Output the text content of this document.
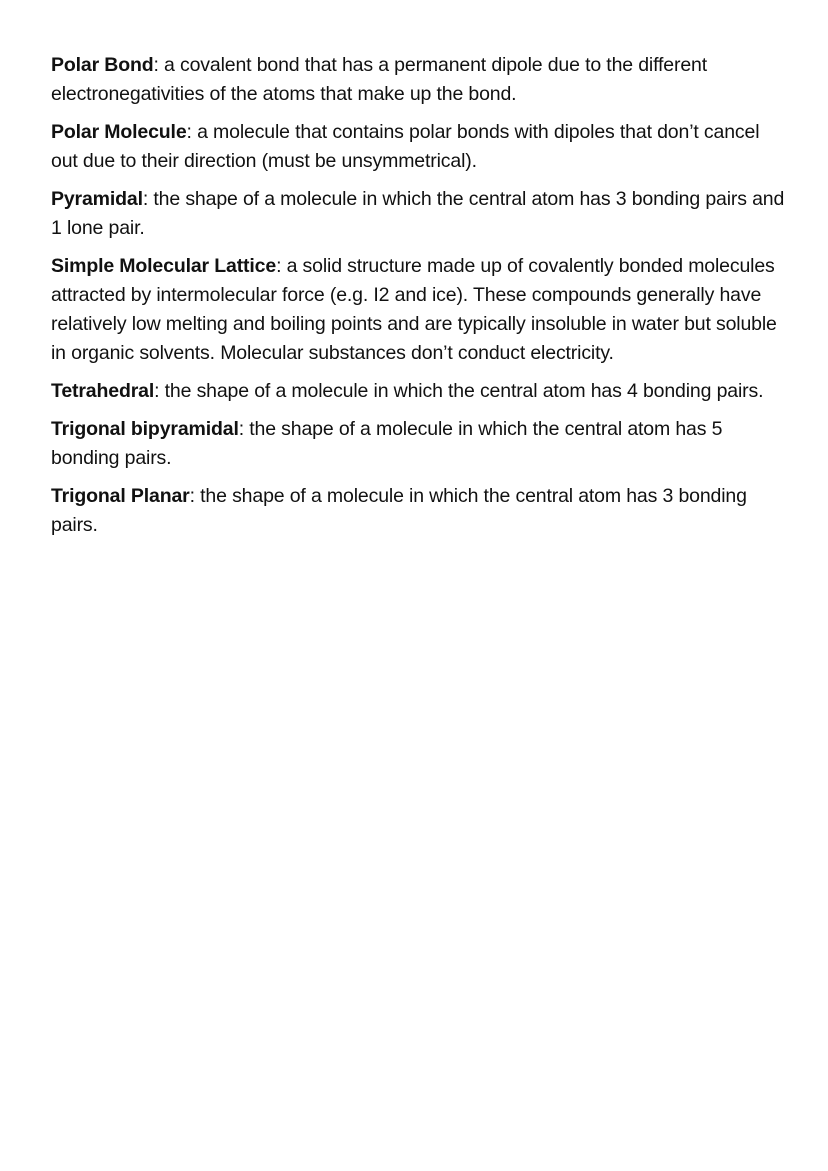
Polar Bond: a covalent bond that has a permanent dipole due to the different electronegativities of the atoms that make up the bond.

Polar Molecule: a molecule that contains polar bonds with dipoles that don’t cancel out due to their direction (must be unsymmetrical).

Pyramidal: the shape of a molecule in which the central atom has 3 bonding pairs and 1 lone pair.

Simple Molecular Lattice: a solid structure made up of covalently bonded molecules attracted by intermolecular force (e.g. I2 and ice). These compounds generally have relatively low melting and boiling points and are typically insoluble in water but soluble in organic solvents. Molecular substances don’t conduct electricity.

Tetrahedral: the shape of a molecule in which the central atom has 4 bonding pairs.

Trigonal bipyramidal: the shape of a molecule in which the central atom has 5 bonding pairs.

Trigonal Planar: the shape of a molecule in which the central atom has 3 bonding pairs.
